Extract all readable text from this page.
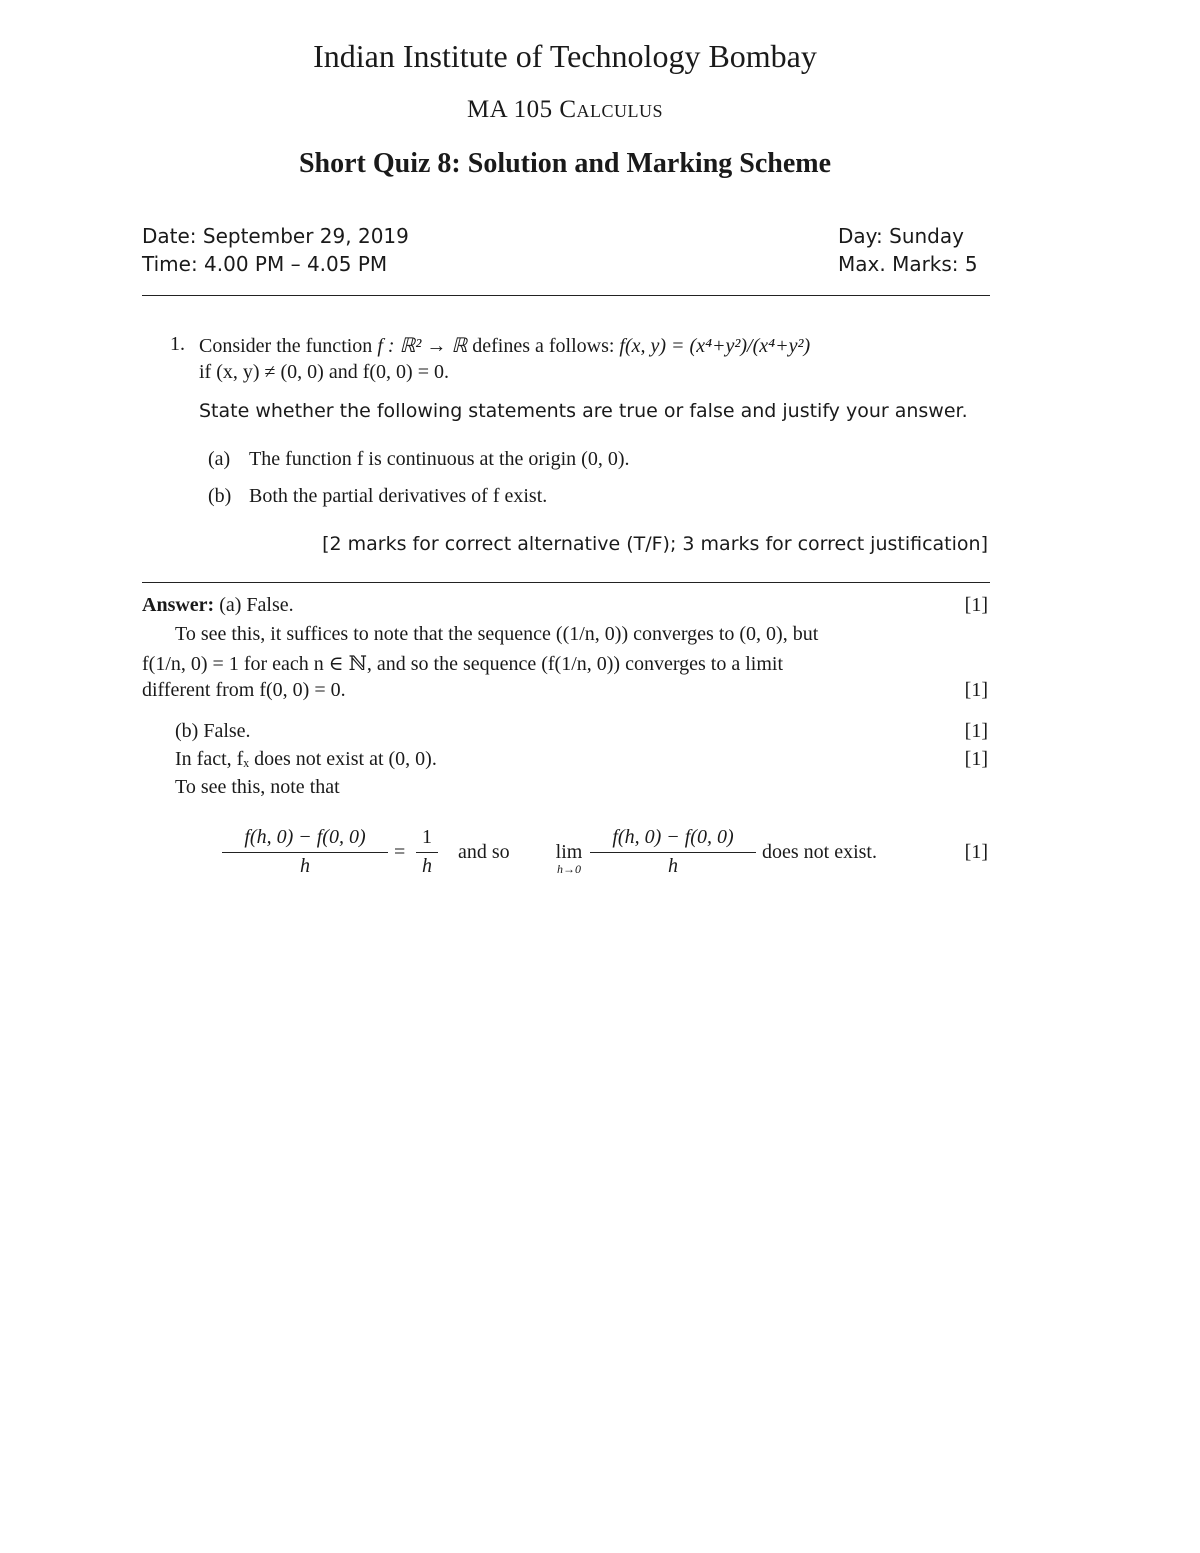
Indian Institute of Technology Bombay
MA 105 Calculus
Short Quiz 8: Solution and Marking Scheme
Date: September 29, 2019	Day: Sunday
Time: 4.00 PM – 4.05 PM	Max. Marks: 5
1. Consider the function f : ℝ² → ℝ defines a follows: f(x, y) = (x⁴+y²)/(x⁴+y²)
if (x, y) ≠ (0, 0) and f(0, 0) = 0.
State whether the following statements are true or false and justify your answer.
(a) The function f is continuous at the origin (0, 0).
(b) Both the partial derivatives of f exist.
[2 marks for correct alternative (T/F); 3 marks for correct justification]
Answer: (a) False.	[1]
To see this, it suffices to note that the sequence ((1/n, 0)) converges to (0, 0), but
f(1/n, 0) = 1 for each n ∈ ℕ, and so the sequence (f(1/n, 0)) converges to a limit
different from f(0, 0) = 0.	[1]
(b) False.	[1]
In fact, fₓ does not exist at (0, 0).	[1]
To see this, note that
$\frac{f(h, 0) - f(0, 0)}{h} = \frac{1}{h}$ and so lim
$h\to 0 \frac{f(h, 0) - f(0, 0)}{h}$ does not exist.	[1]
